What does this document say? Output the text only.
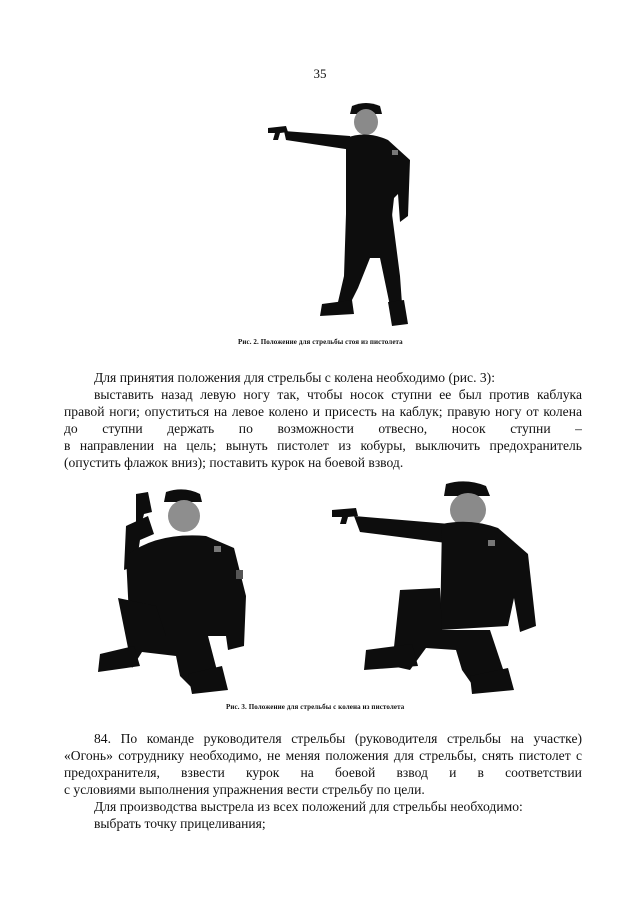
35
Рис. 2. Положение для стрельбы стоя из пистолета
Для принятия положения для стрельбы с колена необходимо (рис. 3):
выставить назад левую ногу так, чтобы носок ступни ее был против каблука
правой ноги; опуститься на левое колено и присесть на каблук; правую ногу от колена
до ступни держать по возможности отвесно, носок ступни –
в направлении на цель; вынуть пистолет из кобуры, выключить предохранитель
(опустить флажок вниз); поставить курок на боевой взвод.
Рис. 3. Положение для стрельбы с колена из пистолета
84. По команде руководителя стрельбы (руководителя стрельбы на участке)
«Огонь» сотруднику необходимо, не меняя положения для стрельбы, снять пистолет с
предохранителя, взвести курок на боевой взвод и в соответствии
с условиями выполнения упражнения вести стрельбу по цели.
Для производства выстрела из всех положений для стрельбы необходимо:
выбрать точку прицеливания;
